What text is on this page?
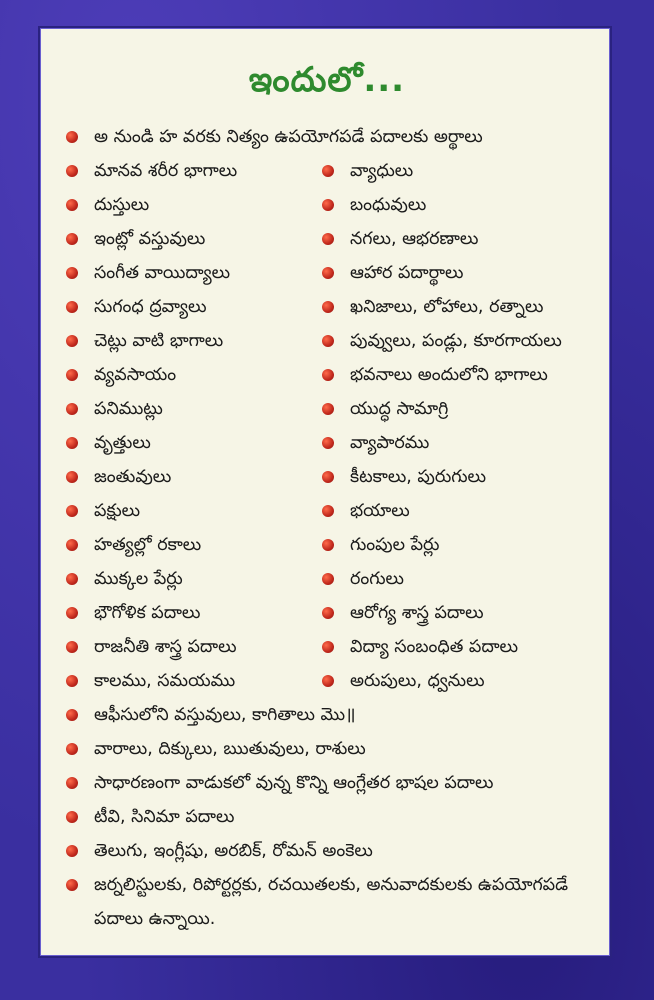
ఇందులో...
అ నుండి హ వరకు నిత్యం ఉపయోగపడే పదాలకు అర్థాలు
మానవ శరీర భాగాలు
దుస్తులు
ఇంట్లో వస్తువులు
సంగీత వాయిద్యాలు
సుగంధ ద్రవ్యాలు
చెట్లు వాటి భాగాలు
వ్యవసాయం
పనిముట్లు
వృత్తులు
జంతువులు
పక్షులు
హత్యల్లో రకాలు
ముక్కల పేర్లు
భౌగోళిక పదాలు
రాజనీతి శాస్త్ర పదాలు
కాలము, సమయము
వ్యాధులు
బంధువులు
నగలు, ఆభరణాలు
ఆహార పదార్థాలు
ఖనిజాలు, లోహాలు, రత్నాలు
పువ్వులు, పండ్లు, కూరగాయలు
భవనాలు అందులోని భాగాలు
యుద్ధ సామాగ్రి
వ్యాపారము
కీటకాలు, పురుగులు
భయాలు
గుంపుల పేర్లు
రంగులు
ఆరోగ్య శాస్త్ర పదాలు
విద్యా సంబంధిత పదాలు
అరుపులు, ధ్వనులు
ఆఫీసులోని వస్తువులు, కాగితాలు మొ॥
వారాలు, దిక్కులు, ఋతువులు, రాశులు
సాధారణంగా వాడుకలో వున్న కొన్ని ఆంగ్లేతర భాషల పదాలు
టీవి, సినిమా పదాలు
తెలుగు, ఇంగ్లీషు, అరబిక్, రోమన్ అంకెలు
జర్నలిస్టులకు, రిపోర్టర్లకు, రచయితలకు, అనువాదకులకు ఉపయోగపడే పదాలు ఉన్నాయి.
